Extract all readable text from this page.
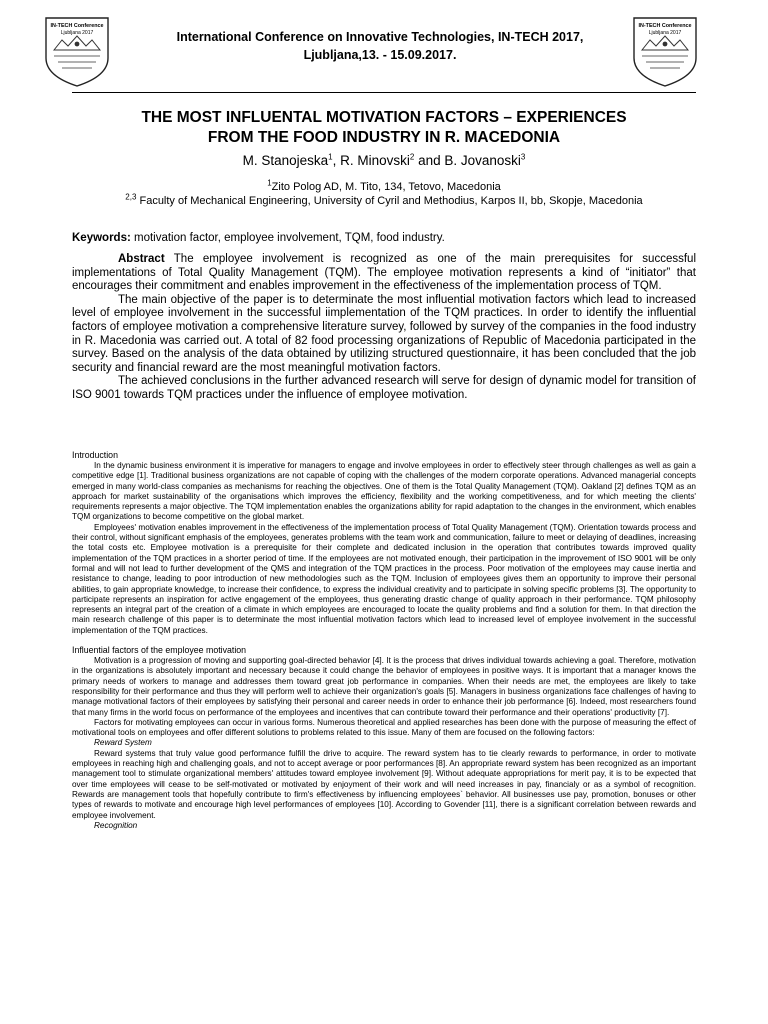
IN-TECH Conference
Ljubljana 2017
IN-TECH Conference
Ljubljana 2017
International Conference on Innovative Technologies, IN-TECH 2017,
Ljubljana,13. - 15.09.2017.
THE MOST INFLUENTAL MOTIVATION FACTORS – EXPERIENCES
FROM THE FOOD INDUSTRY IN R. MACEDONIA
M. Stanojeska$^1$, R. Minovski$^2$ and B. Jovanoski$^3$
$^1$Zito Polog AD, M. Tito, 134, Tetovo, Macedonia
$^{2,3}$ Faculty of Mechanical Engineering, University of Cyril and Methodius, Karpos II, bb, Skopje, Macedonia
Keywords: motivation factor, employee involvement, TQM, food industry.

Abstract The employee involvement is recognized as one of the main prerequisites for successful implementations of Total Quality Management (TQM). The employee motivation represents a kind of “initiator” that encourages their commitment and enables improvement in the effectiveness of the implementation process of TQM.

The main objective of the paper is to determinate the most influential motivation factors which lead to increased level of employee involvement in the successful iimplementation of the TQM practices. In order to identify the influential factors of employee motivation a comprehensive literature survey, followed by survey of the companies in the food industry in R. Macedonia was carried out. A total of 82 food processing organizations of Republic of Macedonia participated in the survey. Based on the analysis of the data obtained by utilizing structured questionnaire, it has been concluded that the job security and financial reward are the most meaningful motivation factors.

The achieved conclusions in the further advanced research will serve for design of dynamic model for transition of ISO 9001 towards TQM practices under the influence of employee motivation.

Introduction

In the dynamic business environment it is imperative for managers to engage and involve employees in order to effectively steer through challenges as well as gain a competitive edge [1]. Traditional business organizations are not capable of coping with the challenges of the modern corporate operations. Advanced managerial concepts emerged in many world-class companies as mechanisms for reaching the objectives. One of them is the Total Quality Management (TQM). Oakland [2] defines TQM as an approach for market sustainability of the organisations which improves the efficiency, flexibility and the working competitiveness, and for which meeting the clients' requirements represents a major objective. The TQM implementation enables the organizations ability for rapid adaptation to the changes in the environment, which enables TQM organizations to become competitive on the global market.

Employees' motivation enables improvement in the effectiveness of the implementation process of Total Quality Management (TQM). Orientation towards process and their control, without significant emphasis of the employees, generates problems with the team work and communication, failure to meet or delaying of deadlines, increasing the total costs etc. Employee motivation is a prerequisite for their complete and dedicated inclusion in the operation that contributes towards improved quality implementation of the TQM practices in a shorter period of time. If the employees are not motivated enough, their participation in the improvement of ISO 9001 will be only formal and will not lead to further development of the QMS and integration of the TQM practices in the process. Poor motivation of the employees may cause inertia and resistance to change, leading to poor introduction of new methodologies such as the TQM. Inclusion of employees gives them an opportunity to improve their personal abilities, to gain appropriate knowledge, to increase their confidence, to express the individual creativity and to participate in solving specific problems [3]. The opportunity to participate represents an inspiration for active engagement of the employees, thus generating drastic change of quality approach in their performance. TQM philosophy represents an integral part of the creation of a climate in which employees are encouraged to locate the quality problems and find a solution for them. In that direction the main research challenge of this paper is to determinate the most influential motivation factors which lead to increased level of employee involvement in the successful implementation of the TQM practices.

Influential factors of the employee motivation

Motivation is a progression of moving and supporting goal-directed behavior [4]. It is the process that drives individual towards achieving a goal. Therefore, motivation in the organizations is absolutely important and necessary because it could change the behavior of employees in positive ways. It is important that a manager knows the primary needs of workers to manage and addresses them toward great job performance in companies. When their needs are met, the employees are likely to take responsibility for their performance and thus they will perform well to achieve their organization's goals [5]. Managers in business organizations face challenges of having to manage motivational factors of their employees by satisfying their personal and career needs in order to enhance their job performance [6]. Indeed, most researchers found that many firms in the world focus on performance of the employees and incentives that can contribute toward their performance and their operations' productivity [7].

Factors for motivating employees can occur in various forms. Numerous theoretical and applied researches has been done with the purpose of measuring the effect of motivational tools on employees and offer different solutions to problems related to this issue. Many of them are focused on the following factors:

Reward System

Reward systems that truly value good performance fulfill the drive to acquire. The reward system has to tie clearly rewards to performance, in order to motivate employees in reaching high and challenging goals, and not to accept average or poor performances [8]. An appropriate reward system has been recognized as an important management tool to stimulate organizational members' attitudes toward employee involvement [9]. Without adequate appropriations for merit pay, it is to be expected that over time employees will cease to be self-motivated or motivated by enjoyment of their work and will need increases in pay, financialy or as a symbol of recognition. Rewards are management tools that hopefully contribute to firm's effectiveness by influencing employees` behavior. All businesses use pay, promotion, bonuses or other types of rewards to motivate and encourage high level performances of employees [10]. According to Govender [11], there is a significant correlation between rewards and employee involvement.

Recognition
